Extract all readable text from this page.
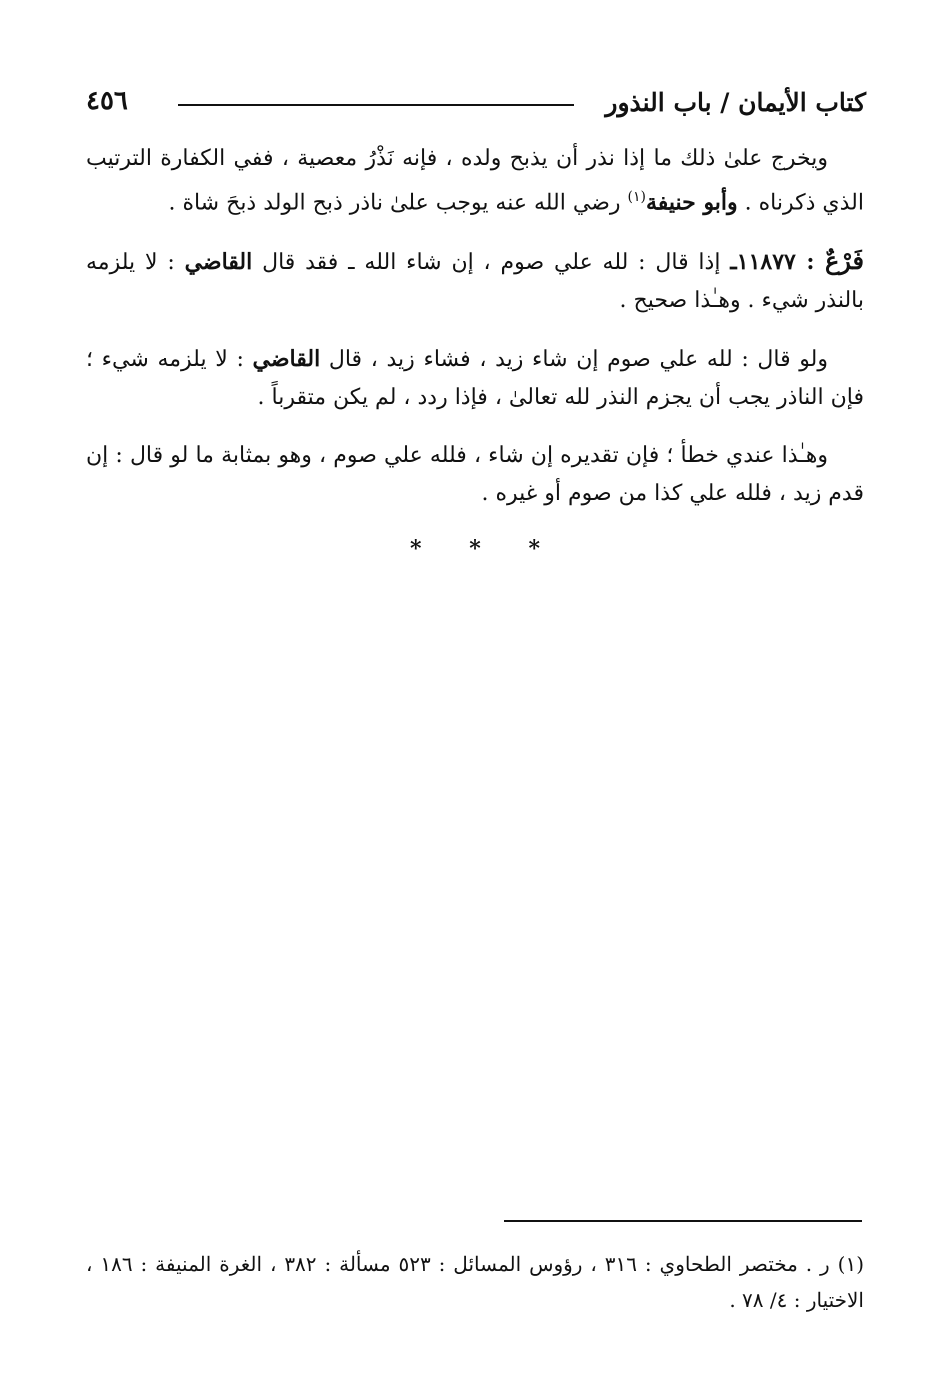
كتاب الأيمان / باب النذور
٤٥٦

ويخرج علىٰ ذلك ما إذا نذر أن يذبح ولده ، فإنه نَذْرُ معصية ، ففي الكفارة الترتيب الذي ذكرناه . وأبو حنيفة$^{(١)}$ رضي الله عنه يوجب علىٰ ناذر ذبح الولد ذبحَ شاة .

فَرْعٌ : ١١٨٧٧ـ إذا قال : لله علي صوم ، إن شاء الله ـ فقد قال القاضي : لا يلزمه بالنذر شيء . وهـٰذا صحيح .

ولو قال : لله علي صوم إن شاء زيد ، فشاء زيد ، قال القاضي : لا يلزمه شيء ؛ فإن الناذر يجب أن يجزم النذر لله تعالىٰ ، فإذا ردد ، لم يكن متقرباً .

وهـٰذا عندي خطأ ؛ فإن تقديره إن شاء ، فلله علي صوم ، وهو بمثابة ما لو قال : إن قدم زيد ، فلله علي كذا من صوم أو غيره .

*
*
*
(١) ر . مختصر الطحاوي : ٣١٦ ، رؤوس المسائل : ٥٢٣ مسألة : ٣٨٢ ، الغرة المنيفة : ١٨٦ ، الاختيار : ٤/ ٧٨ .
